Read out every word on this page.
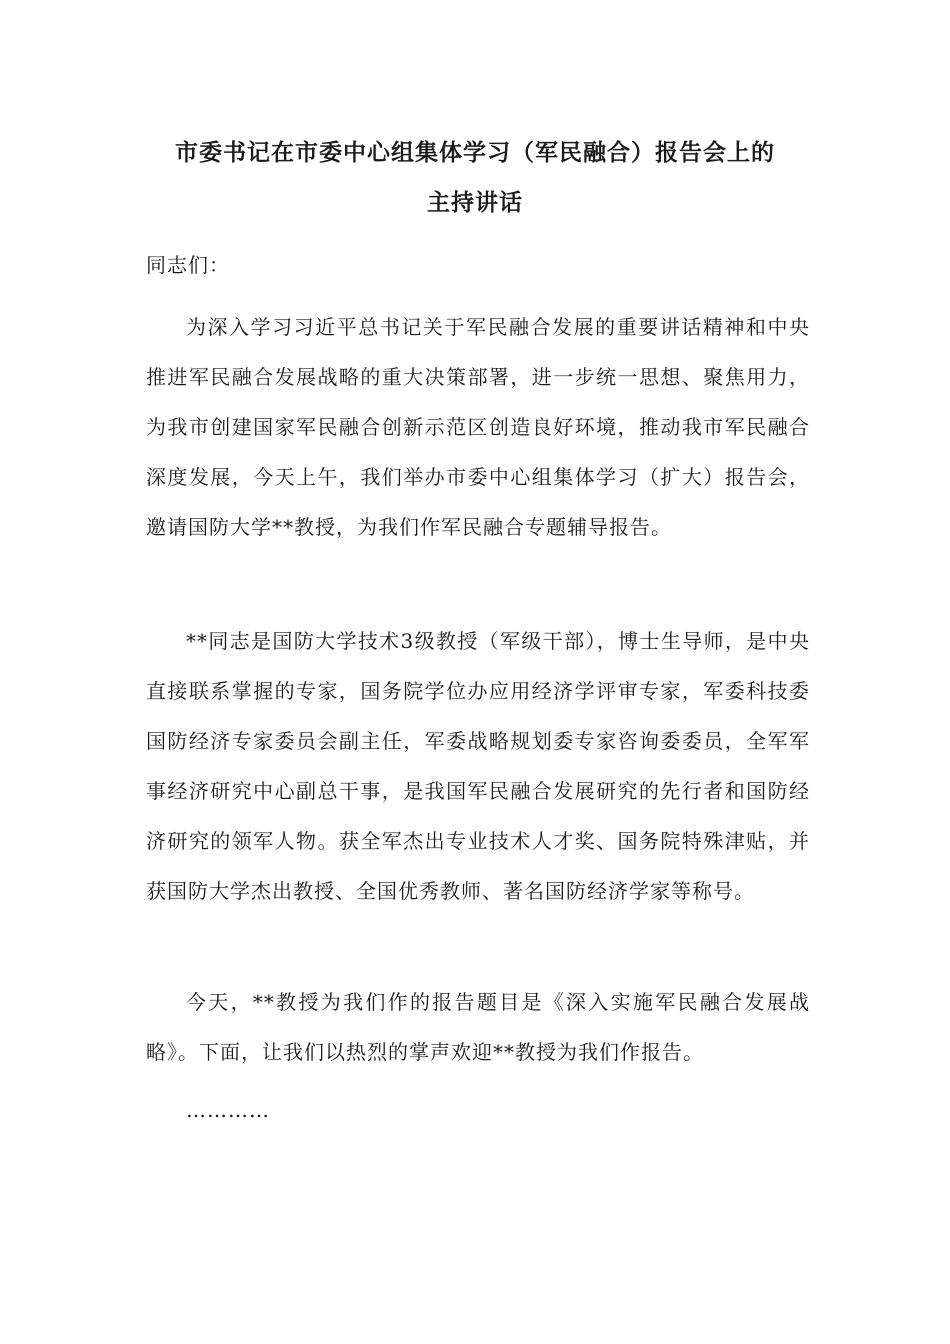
市委书记在市委中心组集体学习（军民融合）报告会上的
主持讲话
同志们：

为深入学习习近平总书记关于军民融合发展的重要讲话精神和中央推进军民融合发展战略的重大决策部署，进一步统一思想、聚焦用力，为我市创建国家军民融合创新示范区创造良好环境，推动我市军民融合深度发展，今天上午，我们举办市委中心组集体学习（扩大）报告会，邀请国防大学**教授，为我们作军民融合专题辅导报告。

**同志是国防大学技术3级教授（军级干部），博士生导师，是中央直接联系掌握的专家，国务院学位办应用经济学评审专家，军委科技委国防经济专家委员会副主任，军委战略规划委专家咨询委委员，全军军事经济研究中心副总干事，是我国军民融合发展研究的先行者和国防经济研究的领军人物。获全军杰出专业技术人才奖、国务院特殊津贴，并获国防大学杰出教授、全国优秀教师、著名国防经济学家等称号。

今天，**教授为我们作的报告题目是《深入实施军民融合发展战略》。下面，让我们以热烈的掌声欢迎**教授为我们作报告。

…………
